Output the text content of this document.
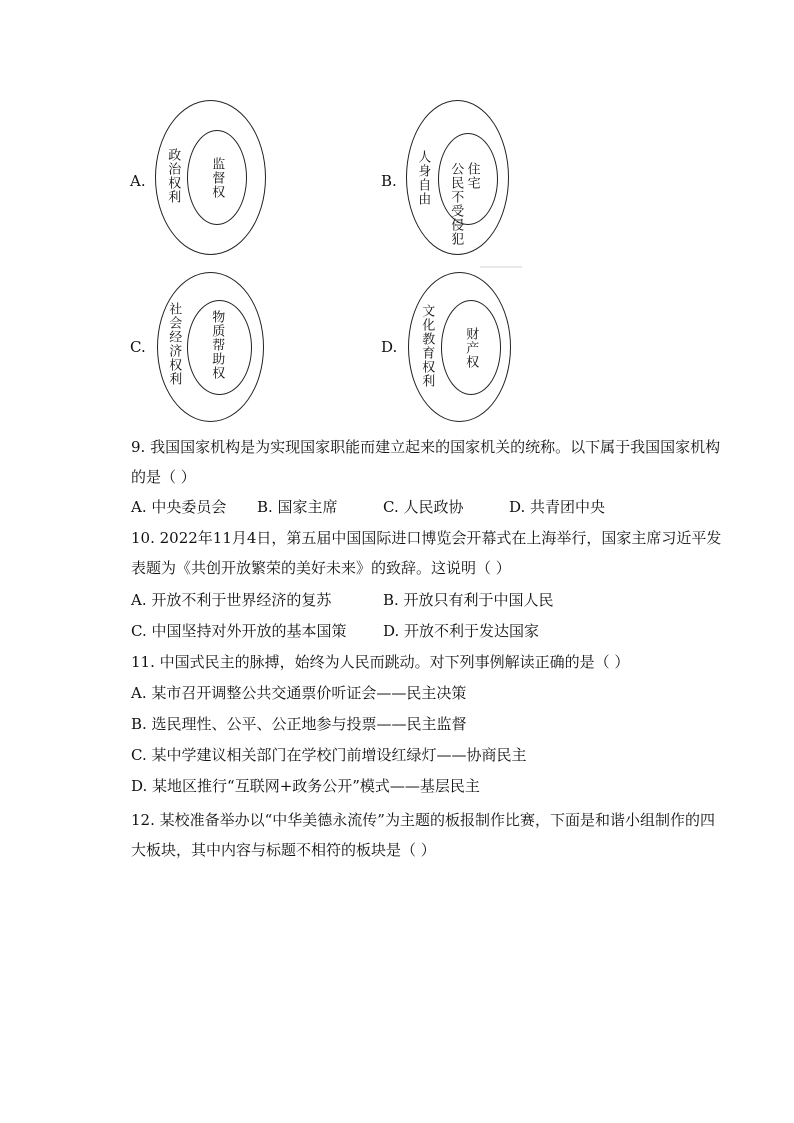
A. 政治权利 监督权	B. 人身自由	住宅
公民不受侵犯
C. 社会经济权利 物质帮助权	D. 文化教育权利 财产权
9. 我国国家机构是为实现国家职能而建立起来的国家机关的统称。以下属于我国国家机构
的是（ ）
A. 中央委员会 B. 国家主席	C. 人民政协	D. 共青团中央
10. 2022年11月4日，第五届中国国际进口博览会开幕式在上海举行，国家主席习近平发
表题为《共创开放繁荣的美好未来》的致辞。这说明（ ）
A. 开放不利于世界经济的复苏	B. 开放只有利于中国人民
C. 中国坚持对外开放的基本国策 D. 开放不利于发达国家
11. 中国式民主的脉搏，始终为人民而跳动。对下列事例解读正确的是（ ）
A. 某市召开调整公共交通票价听证会——民主决策
B. 选民理性、公平、公正地参与投票——民主监督
C. 某中学建议相关部门在学校门前增设红绿灯——协商民主
D. 某地区推行“互联网+政务公开”模式——基层民主
12. 某校准备举办以“中华美德永流传”为主题的板报制作比赛，下面是和谐小组制作的四
大板块，其中内容与标题不相符的板块是（ ）
